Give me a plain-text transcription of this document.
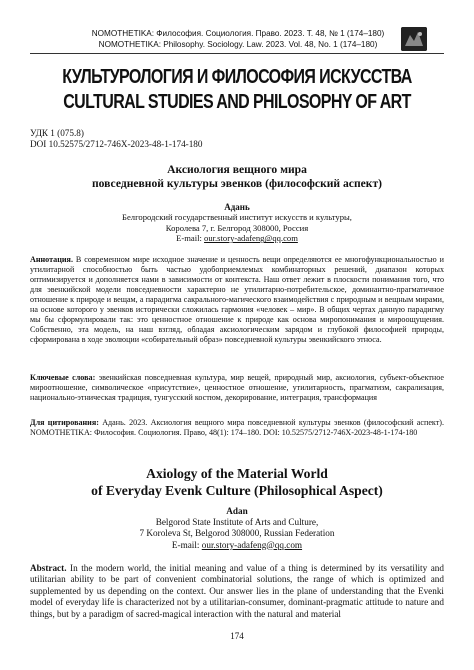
NOMOTHETIKA: Философия. Социология. Право. 2023. Т. 48, № 1 (174–180)
NOMOTHETIKA: Philosophy. Sociology. Law. 2023. Vol. 48, No. 1 (174–180)
КУЛЬТУРОЛОГИЯ И ФИЛОСОФИЯ ИСКУССТВА
CULTURAL STUDIES AND PHILOSOPHY OF ART
УДК 1 (075.8)
DOI 10.52575/2712-746X-2023-48-1-174-180
Аксиология вещного мира
повседневной культуры эвенков (философский аспект)
Адань
Белгородский государственный институт искусств и культуры,
Королева 7, г. Белгород 308000, Россия
E-mail: our.story-adafeng@qq.com
Аннотация. В современном мире исходное значение и ценность вещи определяются ее многофункциональностью и утилитарной способностью быть частью удобоприемлемых комбинаторных решений, диапазон которых оптимизируется и дополняется нами в зависимости от контекста. Наш ответ лежит в плоскости понимания того, что для эвенкийской модели повседневности характерно не утилитарно-потребительское, доминантно-прагматичное отношение к природе и вещам, а парадигма сакрального-магического взаимодействия с природным и вещным мирами, на основе которого у эвенков исторически сложилась гармония «человек – мир». В общих чертах данную парадигму мы бы сформулировали так: это ценностное отношение к природе как основа миропонимания и мироощущения. Собственно, эта модель, на наш взгляд, обладая аксиологическим зарядом и глубокой философией природы, сформирована в ходе эволюции «собирательный образ» повседневной культуры эвенкийского этноса.
Ключевые слова: эвенкийская повседневная культура, мир вещей, природный мир, аксиология, субъект-объектное мироотношение, символическое «присутствие», ценностное отношение, утилитарность, прагматизм, сакрализация, национально-этническая традиция, тунгусский костюм, декорирование, интеграция, трансформация
Для цитирования: Адань. 2023. Аксиология вещного мира повседневной культуры эвенков (философский аспект). NOMOTHETIKA: Философия. Социология. Право, 48(1): 174–180. DOI: 10.52575/2712-746X-2023-48-1-174-180
Axiology of the Material World
of Everyday Evenk Culture (Philosophical Aspect)
Adan
Belgorod State Institute of Arts and Culture,
7 Koroleva St, Belgorod 308000, Russian Federation
E-mail: our.story-adafeng@qq.com
Abstract. In the modern world, the initial meaning and value of a thing is determined by its versatility and utilitarian ability to be part of convenient combinatorial solutions, the range of which is optimized and supplemented by us depending on the context. Our answer lies in the plane of understanding that the Evenki model of everyday life is characterized not by a utilitarian-consumer, dominant-pragmatic attitude to nature and things, but by a paradigm of sacred-magical interaction with the natural and material
174
